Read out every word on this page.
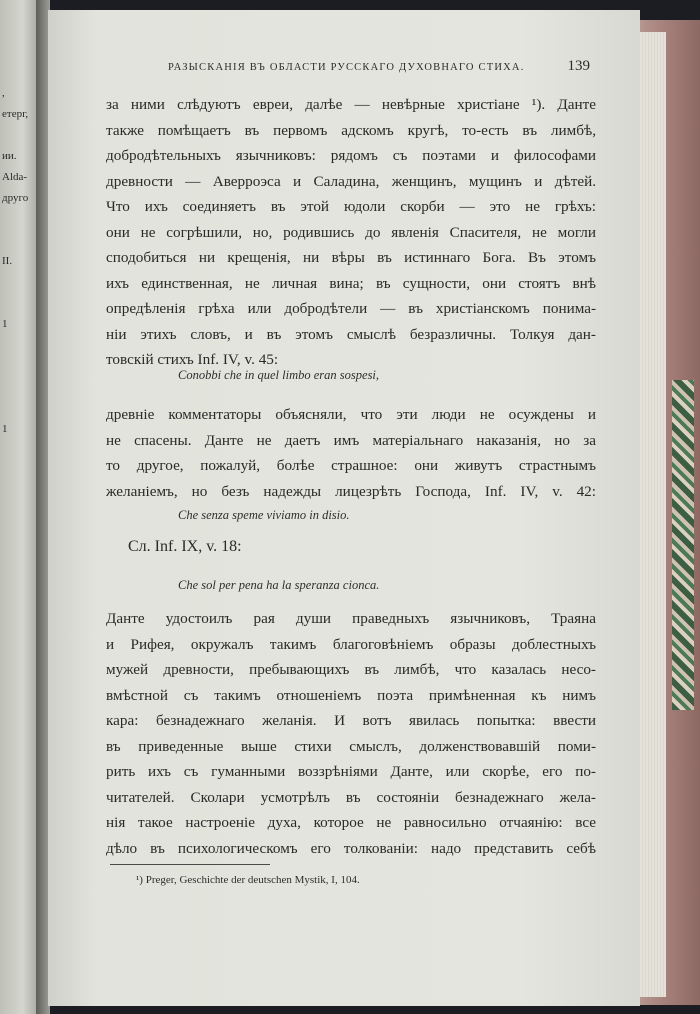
,
етерг,
ии.
Alda-
друго
ІІ.
1
1
РАЗЫСКАНІЯ ВЪ ОБЛАСТИ РУССКАГО ДУХОВНАГО СТИХА.	139
за ними слѣдуютъ евреи, далѣе — невѣрные христіане ¹). Данте
также помѣщаетъ въ первомъ адскомъ кругѣ, то-есть въ лимбѣ,
добродѣтельныхъ язычниковъ: рядомъ съ поэтами и философами
древности — Аверроэса и Саладина, женщинъ, мущинъ и дѣтей.
Что ихъ соединяетъ въ этой юдоли скорби — это не грѣхъ:
они не согрѣшили, но, родившись до явленія Спасителя, не могли
сподобиться ни крещенія, ни вѣры въ истиннаго Бога. Въ этомъ
ихъ единственная, не личная вина; въ сущности, они стоятъ внѣ
опредѣленія грѣха или добродѣтели — въ христіанскомъ понима-
ніи этихъ словъ, и въ этомъ смыслѣ безразличны. Толкуя дан-
товскій стихъ Inf. IV, v. 45:
Conobbi che in quel limbo eran sospesi,
древніе комментаторы объясняли, что эти люди не осуждены и
не спасены. Данте не даетъ имъ матеріальнаго наказанія, но за
то другое, пожалуй, болѣе страшное: они живутъ страстнымъ
желаніемъ, но безъ надежды лицезрѣть Господа, Inf. IV, v. 42:
Che senza speme viviamo in disio.
Сл. Inf. IX, v. 18:
Che sol per pena ha la speranza cionca.
Данте удостоилъ рая души праведныхъ язычниковъ, Траяна
и Рифея, окружалъ такимъ благоговѣніемъ образы доблестныхъ
мужей древности, пребывающихъ въ лимбѣ, что казалась несо-
вмѣстной съ такимъ отношеніемъ поэта примѣненная къ нимъ
кара: безнадежнаго желанія. И вотъ явилась попытка: ввести
въ приведенные выше стихи смыслъ, долженствовавшій поми-
рить ихъ съ гуманными воззрѣніями Данте, или скорѣе, его по-
читателей. Сколари усмотрѣлъ въ состояніи безнадежнаго жела-
нія такое настроеніе духа, которое не равносильно отчаянію: все
дѣло въ психологическомъ его толкованіи: надо представить себѣ
¹) Preger, Geschichte der deutschen Mystik, I, 104.
